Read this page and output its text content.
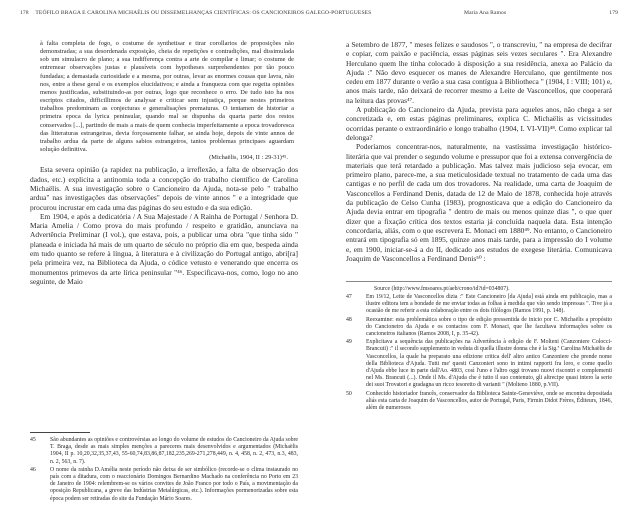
178 TEÓFILO BRAGA E CAROLINA MICHAËLIS OU DISSEMELHANÇAS CIENTÍFICAS: OS CANCIONEIROS GALEGO-PORTUGUESES

à falta completa de fogo, o costume de synthetisar e tirar corollarios de proposições não demonstradas; a sua desordenada exposição, cheia de repetições e contradições, mal dissimulada sob um simulacro de plano; a sua indifferença contra a arte de compilar e limar; o costume de entremear observações justas e plausíveis com hypotheses surprehendentes por tão pouco fundadas; a demasiada curiosidade e a mesma, por outras, levar as enormes cousas que lavra, não nos, entre a these geral e os exemplos elucidativos; e ainda a franqueza com que regeita opiniões menos justificadas, substituindo-as por outras, logo que reconhece o erro. De tudo isto ha nos escriptos citados, difficillimos de analysar e criticar sem injustiça, porque nestes primeiros trabalhos predominam as conjecturas e generalisações prematuras. O tentamen de historiar a primeira epoca da lyrica peninsular, quando mal se dispunha da quarta parte dos restos conservados [...], partindo de mais a mais de quem conhecia imperfeitamente a epoca trovadoresca das litteraturas estrangeiras, devia forçosamente falhar, se ainda hoje, depois de vinte annos de trabalho ardua da parte de alguns sabios estrangeiros, tantos problemas principaes aguardam solução definitiva.

(Michaëlis, 1904, II : 29-31)⁴⁵.

Esta severa opinião (a rapidez na publicação, a irreflexão, a falta de observação dos dados, etc.) explicita a antinomia toda a concepção do trabalho científico de Carolina Michaëlis. A sua investigação sobre o Cancioneiro da Ajuda, nota-se pelo " trabalho ardua" nas investigações das observações" depois de vinte annos " e a integridade que procurou incrustar em cada uma das páginas do seu estudo e da sua edição.

Em 1904, e após a dedicatória / A Sua Majestade / A Rainha de Portugal / Senhora D. Maria Amelia / Como prova do mais profundo / respeito e gratidão, anunciava na Advertência Preliminar (I vol.), que estava, pois, a publicar uma obra "que tinha sido " planeada e iniciada há mais de um quarto de século no próprio dia em que, bespeda ainda em tudo quanto se refere à língua, à literatura e à civilização do Portugal antigo, abri[ra] pela primeira vez, na Biblioteca da Ajuda, o códice vetusto e venerando que encerra os monumentos primevos da arte lírica peninsular "⁴⁶. Especificava-nos, como, logo no ano seguinte, de Maio

45	São abundantes as opiniões e controvérsias ao longo do volume de estudos do Cancioneiro da Ajuda sobre T. Braga, desde as mais simples menções a pareceres mais desenvolvidos e argumentados (Michaëlis 1904, II p. 10,20,32,35,37,43, 55-60,74,83,86,87,182,235,269-271,278,449, n. 4, 458, n. 2, 473, n.3, 483, n. 2, 563, n. 7).
46	O nome da rainha D.Amélia neste período não deixa de ser simbólico (recorde-se o clima instaurado no país com a ditadura, com o reaccionário Domingos Bernardino Machado na conferência no Porto em 23 de Janeiro de 1904: relembrem-se os vários convites de João Franco por todo o País, a movimentação da oposição Republicana, a greve das Indústrias Metalúrgicas, etc.). Informações pormenorizadas sobre esta época podem ser retiradas do site da Fundação Mário Soares.
Maria Ana Ramos	179

a Setembro de 1877, " meses felizes e saudosos ", o transcreviu, " na empresa de decifrar e copiar, com paixão e paciência, essas páginas seis vezes seculares ". Era Alexandre Herculano quem lhe tinha colocado à disposição a sua residência, anexa ao Palácio da Ajuda :" Não devo esquecer os manes de Alexandre Herculano, que gentilmente nos cedeu em 1877 durante o verão a sua casa contígua à Bibliotheca " (1904, I : VIII; 101) e, anos mais tarde, não deixará de recorrer mesmo a Leite de Vasconcellos, que cooperará na leitura das provas⁴⁷.

A publicação do Cancioneiro da Ajuda, prevista para aqueles anos, não chega a ser concretizada e, em estas páginas preliminares, explica C. Michaëlis as vicissitudes ocorridas perante o extraordinário e longo trabalho (1904, I. VI-VII)⁴⁸. Como explicar tal delonga?

Poderíamos concentrar-nos, naturalmente, na vastíssima investigação histórico-literária que vai prender o segundo volume e pressupor que foi a extensa convergência de materiais que terá retardado a publicação. Mas talvez mais judicioso seja evocar, em primeiro plano, parece-me, a sua meticulosidade textual no tratamento de cada uma das cantigas e no perfil de cada um dos trovadores. Na realidade, uma carta de Joaquim de Vasconcellos a Ferdinand Denis, datada de 12 de Maio de 1878, conhecida hoje através da publicação de Celso Cunha (1983), prognosticava que a edição do Cancioneiro da Ajuda devia entrar em tipografia " dentro de mais ou menos quinze dias ", o que quer dizer que a fixação crítica dos textos estaria já concluída naquela data. Esta intenção concordaria, aliás, com o que escrevera E. Monaci em 1880⁴⁹. No entanto, o Cancioneiro entrará em tipografia só em 1895, quinze anos mais tarde, para a impressão do I volume e, em 1900, iniciar-se-á a do II, dedicado aos estudos de exegese literária. Comunicava Joaquim de Vasconcellos a Ferdinand Denis⁵⁰ :

Source (http://www.fmsoares.pt/aeb/crono/id?id=034807).
47	Em 19/12, Leite de Vasconcellos dizia :" Este Cancioneiro [da Ajuda] está ainda em publicação, mas a ilustre editora tem a bondade de me enviar todas as folhas à medida que vão sendo impressas ". Tive já a ocasião de me referir a esta colaboração entre os dois filólogos (Ramos 1991, p. 148).
48	Reexamine: esta problemática sobre o tipo de edição pressentida de inicio por C. Michaëlis a propósito do Cancioneiro da Ajuda e os contactos com F. Monaci, que lhe facultava informações sobre os cancioneiros italianos (Ramos 2008, I, p. 35-42).
49	Explicitava a sequência das publicações na Advertência à edição de F. Molteni (Canzoniere Colocci-Brancuti) :" il secondo supplemento in veduta di quella illustre donna che è la Sig.ª Carolina Michaëlis de Vasconcellos, la quale ha preparato una edizione critica dell' altro antico Canzoniere che prende nome della Biblioteca d'Ajuda. Tutti me' questi Canzonieri sono in intimi rapporti fra loro, e come quello d'Ajuda ebbe luce in parte dall'Ao. 4803, così l'uno e l'altro oggi trovano nuovi riscontri e complementi nel Ms. Brancuti (...). Onde il Ms. d'Ajuda che è tutto il suo contenuto, gli altrecipe quasi intero la serie dei suoi Trovatori e gradagna un ricco tesoretto di varianti " (Molteno 1880, p.VII).
50	Conhecido historiador francês, conservador da Biblioteca Sainte-Geneviève, onde se encontra depositada aliás esta carta de Joaquim de Vasconcellos, autor de Portugal, Paris, Firmin Didot Frères, Éditeurs, 1846, além de numerosos
